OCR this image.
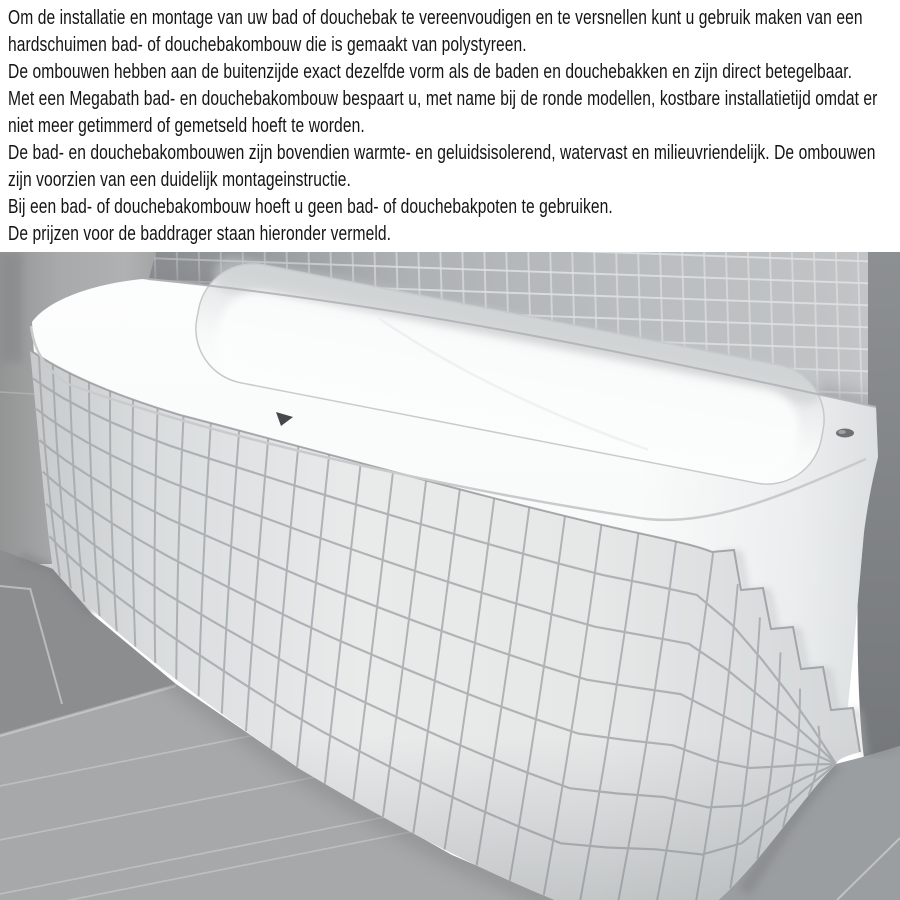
Om de installatie en montage van uw bad of douchebak te vereenvoudigen en te versnellen kunt u gebruik maken van een
hardschuimen bad- of douchebakombouw die is gemaakt van polystyreen.
De ombouwen hebben aan de buitenzijde exact dezelfde vorm als de baden en douchebakken en zijn direct betegelbaar.
Met een Megabath bad- en douchebakombouw bespaart u, met name bij de ronde modellen, kostbare installatietijd omdat er
niet meer getimmerd of gemetseld hoeft te worden.
De bad- en douchebakombouwen zijn bovendien warmte- en geluidsisolerend, watervast en milieuvriendelijk. De ombouwen
zijn voorzien van een duidelijk montageinstructie.
Bij een bad- of douchebakombouw hoeft u geen bad- of douchebakpoten te gebruiken.
De prijzen voor de baddrager staan hieronder vermeld.
